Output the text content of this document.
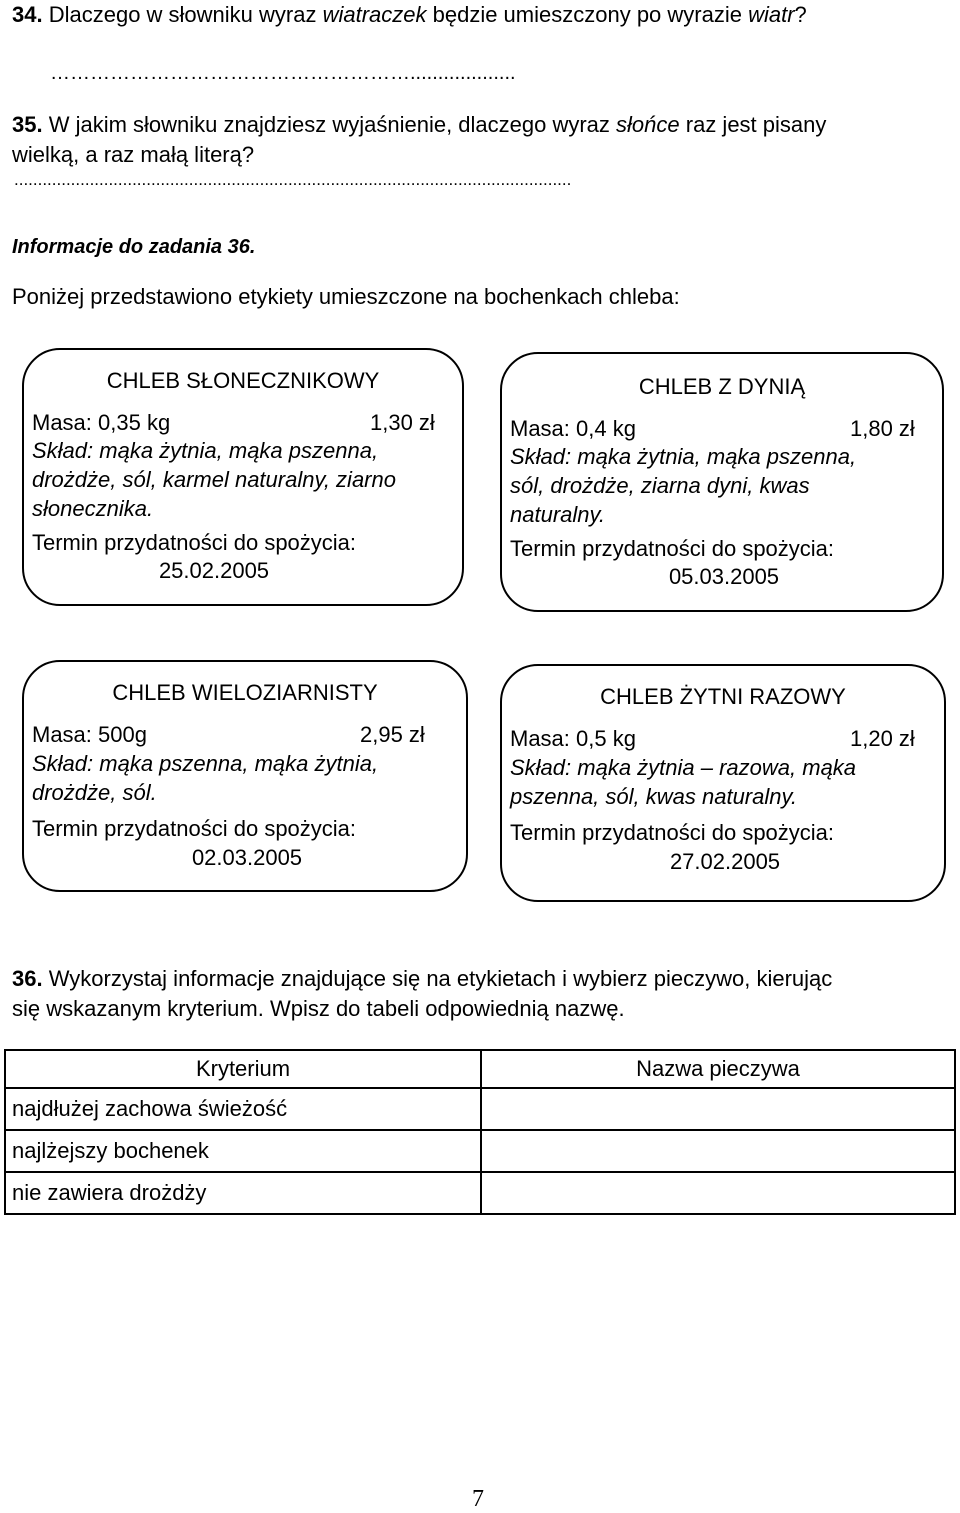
34. Dlaczego w słowniku wyraz wiatraczek będzie umieszczony po wyrazie wiatr?
………………………………………………...................
35. W jakim słowniku znajdziesz wyjaśnienie, dlaczego wyraz słońce raz jest pisany
wielką, a raz małą literą?
......................................................................................................................
Informacje do zadania 36.
Poniżej przedstawiono etykiety umieszczone na bochenkach chleba:
CHLEB SŁONECZNIKOWY
Masa: 0,35 kg	1,30 zł
Skład: mąka żytnia, mąka pszenna,
drożdże, sól, karmel naturalny, ziarno
słonecznika.
Termin przydatności do spożycia:
25.02.2005
CHLEB Z DYNIĄ
Masa: 0,4 kg	1,80 zł
Skład: mąka żytnia, mąka pszenna,
sól, drożdże, ziarna dyni, kwas
naturalny.
Termin przydatności do spożycia:
05.03.2005
CHLEB WIELOZIARNISTY
Masa: 500g	2,95 zł
Skład: mąka pszenna, mąka żytnia,
drożdże, sól.
Termin przydatności do spożycia:
02.03.2005
CHLEB ŻYTNI RAZOWY
Masa: 0,5 kg	1,20 zł
Skład: mąka żytnia – razowa, mąka
pszenna, sól, kwas naturalny.
Termin przydatności do spożycia:
27.02.2005
36. Wykorzystaj informacje znajdujące się na etykietach i wybierz pieczywo, kierując
się wskazanym kryterium. Wpisz do tabeli odpowiednią nazwę.
Kryterium	Nazwa pieczywa
najdłużej zachowa świeżość	
najlżejszy bochenek	
nie zawiera drożdży	
7
